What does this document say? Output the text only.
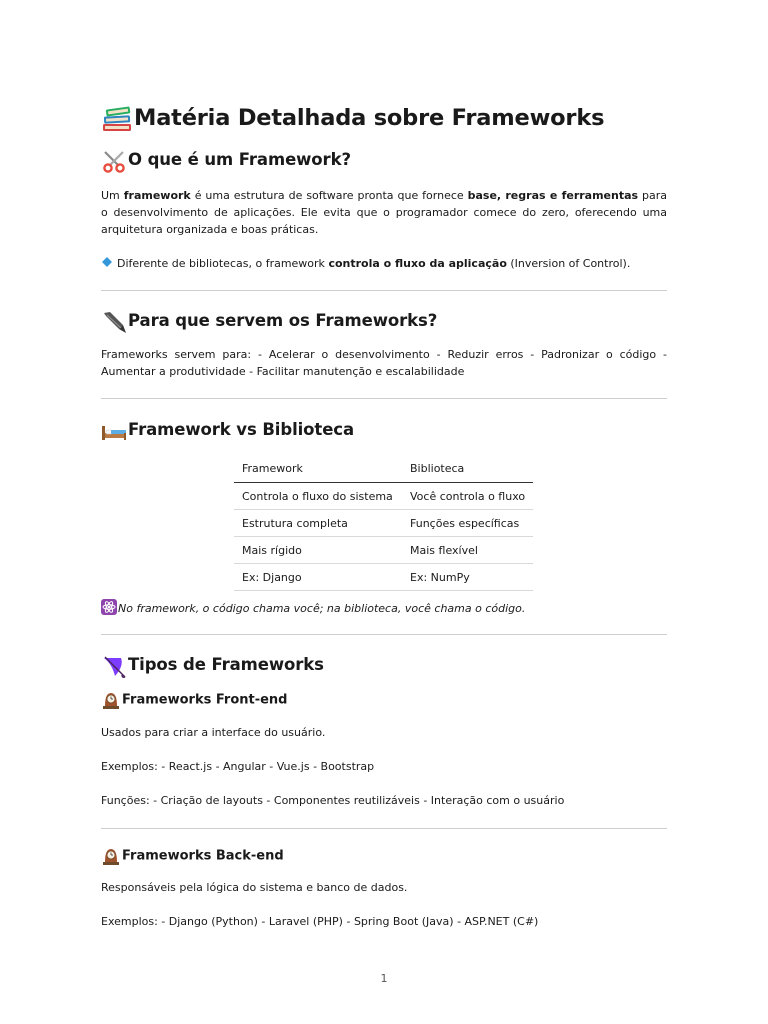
Matéria Detalhada sobre Frameworks
O que é um Framework?

Um framework é uma estrutura de software pronta que fornece base, regras e ferramentas para o desenvolvimento de aplicações. Ele evita que o programador comece do zero, oferecendo uma arquitetura organizada e boas práticas.

Diferente de bibliotecas, o framework controla o fluxo da aplicação (Inversion of Control).

Para que servem os Frameworks?

Frameworks servem para: - Acelerar o desenvolvimento - Reduzir erros - Padronizar o código - Aumentar a produtividade - Facilitar manutenção e escalabilidade

Framework vs Biblioteca
Framework	Biblioteca
Controla o fluxo do sistema	Você controla o fluxo
Estrutura completa	Funções específicas
Mais rígido	Mais flexível
Ex: Django	Ex: NumPy

No framework, o código chama você; na biblioteca, você chama o código.

Tipos de Frameworks
Frameworks Front-end

Usados para criar a interface do usuário.

Exemplos: - React.js - Angular - Vue.js - Bootstrap

Funções: - Criação de layouts - Componentes reutilizáveis - Interação com o usuário

Frameworks Back-end

Responsáveis pela lógica do sistema e banco de dados.

Exemplos: - Django (Python) - Laravel (PHP) - Spring Boot (Java) - ASP.NET (C#)

1
